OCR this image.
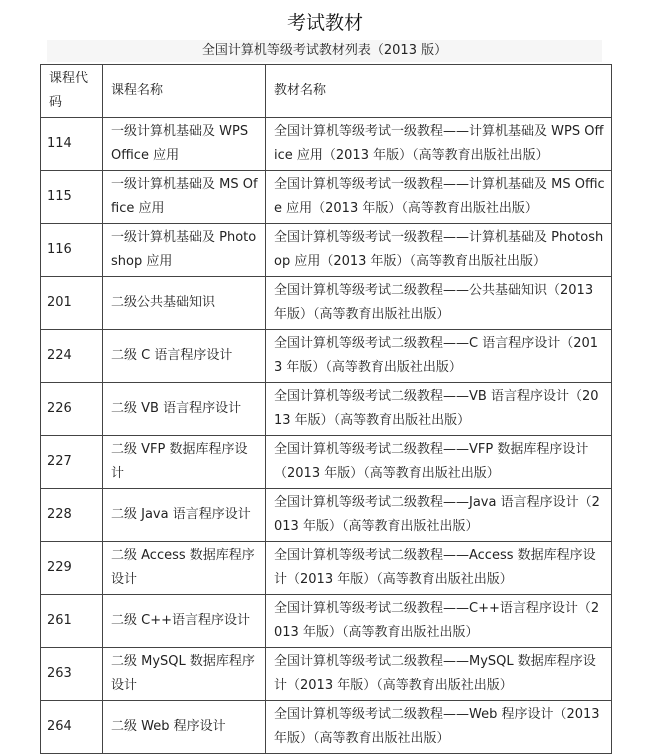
考试教材
全国计算机等级考试教材列表（2013 版）
课程代码	课程名称	教材名称
114	一级计算机基础及 WPS Office 应用	全国计算机等级考试一级教程——计算机基础及 WPS Office 应用（2013 年版）（高等教育出版社出版）
115	一级计算机基础及 MS Office 应用	全国计算机等级考试一级教程——计算机基础及 MS Office 应用（2013 年版）（高等教育出版社出版）
116	一级计算机基础及 Photoshop 应用	全国计算机等级考试一级教程——计算机基础及 Photoshop 应用（2013 年版）（高等教育出版社出版）
201	二级公共基础知识	全国计算机等级考试二级教程——公共基础知识（2013 年版）（高等教育出版社出版）
224	二级 C 语言程序设计	全国计算机等级考试二级教程——C 语言程序设计（2013 年版）（高等教育出版社出版）
226	二级 VB 语言程序设计	全国计算机等级考试二级教程——VB 语言程序设计（2013 年版）（高等教育出版社出版）
227	二级 VFP 数据库程序设计	全国计算机等级考试二级教程——VFP 数据库程序设计（2013 年版）（高等教育出版社出版）
228	二级 Java 语言程序设计	全国计算机等级考试二级教程——Java 语言程序设计（2013 年版）（高等教育出版社出版）
229	二级 Access 数据库程序设计	全国计算机等级考试二级教程——Access 数据库程序设计（2013 年版）（高等教育出版社出版）
261	二级 C++语言程序设计	全国计算机等级考试二级教程——C++语言程序设计（2013 年版）（高等教育出版社出版）
263	二级 MySQL 数据库程序设计	全国计算机等级考试二级教程——MySQL 数据库程序设计（2013 年版）（高等教育出版社出版）
264	二级 Web 程序设计	全国计算机等级考试二级教程——Web 程序设计（2013 年版）（高等教育出版社出版）
